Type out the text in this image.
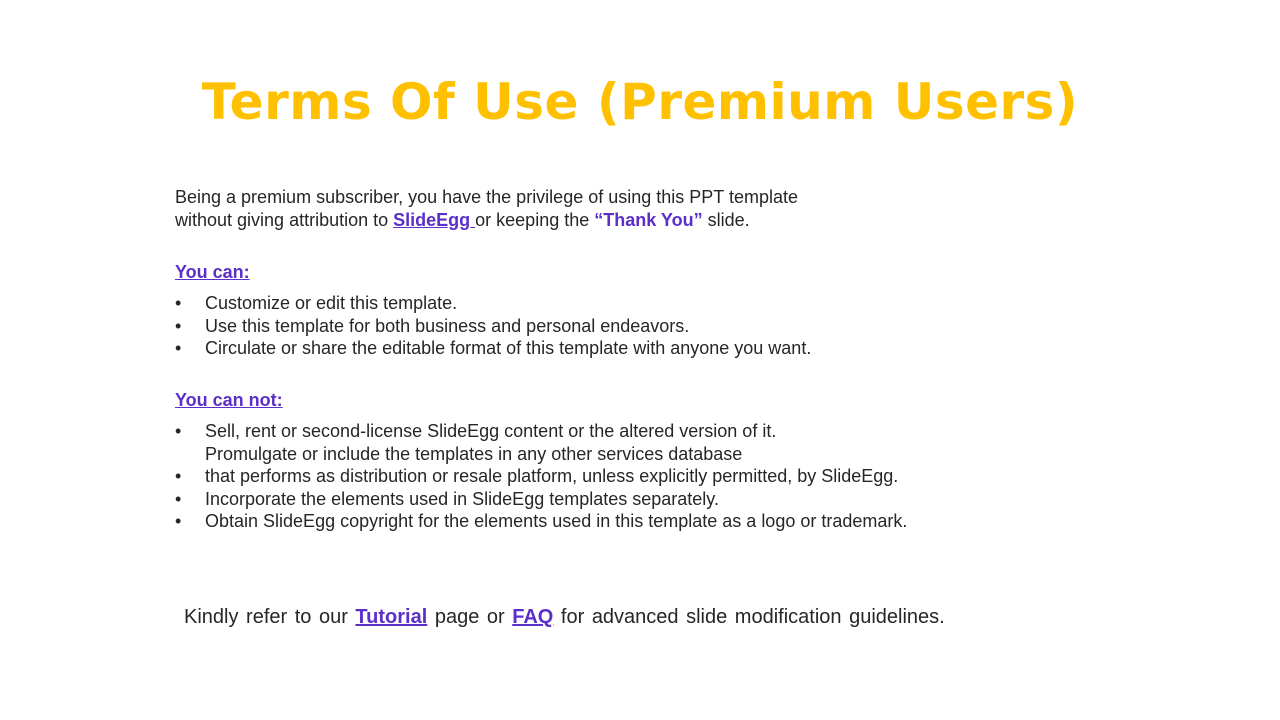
Terms Of Use (Premium Users)

Being a premium subscriber, you have the privilege of using this PPT template
without giving attribution to SlideEgg or keeping the “Thank You” slide.

You can:

• Customize or edit this template.
• Use this template for both business and personal endeavors.
• Circulate or share the editable format of this template with anyone you want.

You can not:

• Sell, rent or second-license SlideEgg content or the altered version of it.
Promulgate or include the templates in any other services database
• that performs as distribution or resale platform, unless explicitly permitted, by SlideEgg.
• Incorporate the elements used in SlideEgg templates separately.
• Obtain SlideEgg copyright for the elements used in this template as a logo or trademark.

Kindly refer to our Tutorial page or FAQ for advanced slide modification guidelines.
